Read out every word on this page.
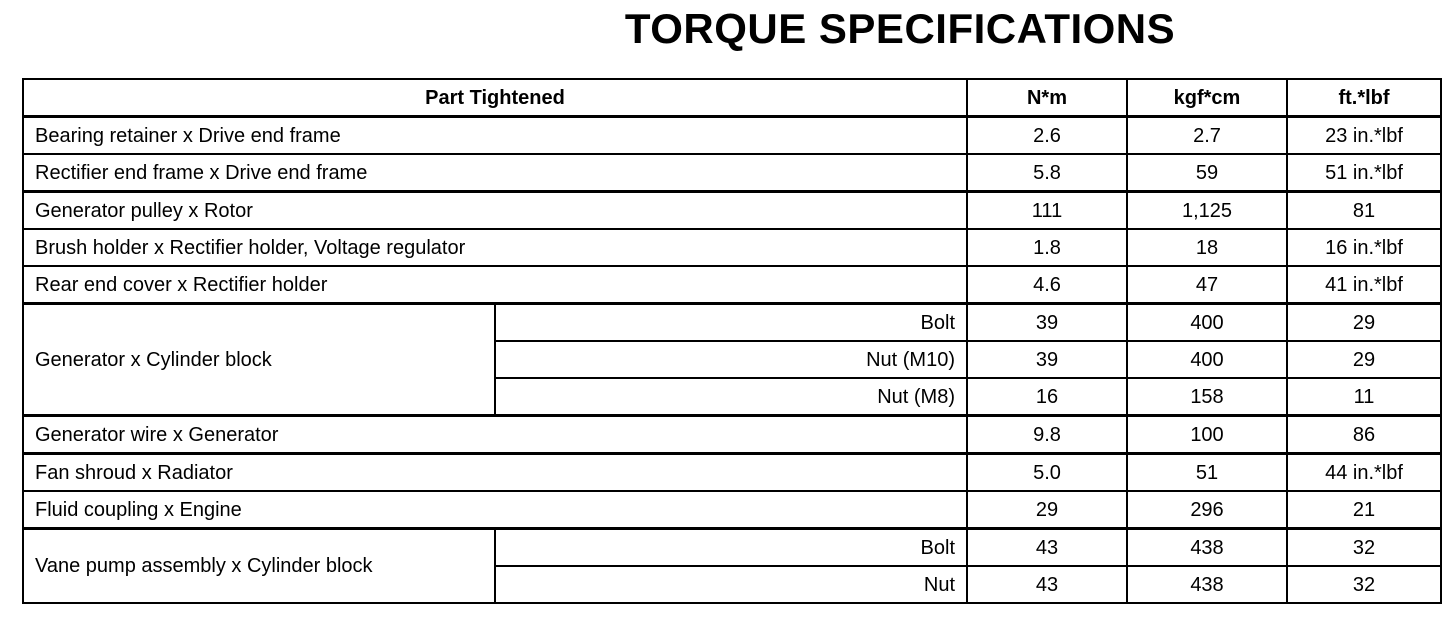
TORQUE SPECIFICATIONS
Part Tightened		N*m	kgf*cm	ft.*lbf
Bearing retainer x Drive end frame		2.6	2.7	23 in.*lbf
Rectifier end frame x Drive end frame		5.8	59	51 in.*lbf
Generator pulley x Rotor		111	1,125	81
Brush holder x Rectifier holder, Voltage regulator		1.8	18	16 in.*lbf
Rear end cover x Rectifier holder		4.6	47	41 in.*lbf
Generator x Cylinder block	Bolt	39	400	29
	Nut (M10)	39	400	29
	Nut (M8)	16	158	11
Generator wire x Generator		9.8	100	86
Fan shroud x Radiator		5.0	51	44 in.*lbf
Fluid coupling x Engine		29	296	21
Vane pump assembly x Cylinder block	Bolt	43	438	32
	Nut	43	438	32
